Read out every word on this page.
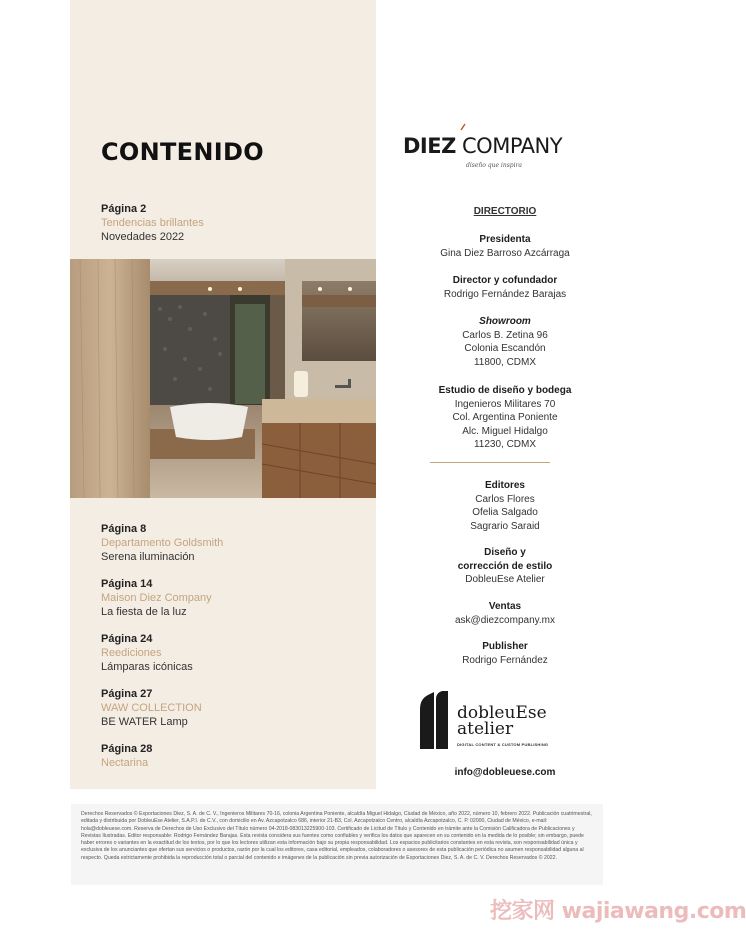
CONTENIDO
Página 2
Tendencias brillantes
Novedades 2022
Página 8
Departamento Goldsmith
Serena iluminación
Página 14
Maison Diez Company
La fiesta de la luz
Página 24
Reediciones
Lámparas icónicas
Página 27
WAW COLLECTION
BE WATER Lamp
Página 28
Nectarina
DIEZ COMPANY
diseño que inspira
DIRECTORIO
Presidenta
Gina Diez Barroso Azcárraga
Director y cofundador
Rodrigo Fernández Barajas
Showroom
Carlos B. Zetina 96
Colonia Escandón
11800, CDMX
Estudio de diseño y bodega
Ingenieros Militares 70
Col. Argentina Poniente
Alc. Miguel Hidalgo
11230, CDMX
Editores
Carlos Flores
Ofelia Salgado
Sagrario Saraid
Diseño y
corrección de estilo
DobleuEse Atelier
Ventas
ask@diezcompany.mx
Publisher
Rodrigo Fernández
dobleuEse
atelier
DIGITAL CONTENT & CUSTOM PUBLISHING
info@dobleuese.com
Derechos Reservados © Exportaciones Diez, S. A. de C. V., Ingenieros Militares 70-16, colonia Argentina Poniente, alcaldía Miguel Hidalgo, Ciudad de México, año 2022, número 10, febrero 2022. Publicación cuatrimestral, editada y distribuida por DobleuEse Atelier, S.A.P.I. de C.V., con domicilio en Av. Azcapotzalco 686, interior 21-B3, Col. Azcapotzalco Centro, alcaldía Azcapotzalco, C. P. 02000, Ciudad de México, e-mail: hola@dobleuese.com. Reserva de Derechos de Uso Exclusivo del Título número 04-2018-083013225900-103. Certificado de Licitud de Título y Contenido en trámite ante la Comisión Calificadora de Publicaciones y Revistas Ilustradas. Editor responsable: Rodrigo Fernández Barajas. Esta revista considera sus fuentes como confiables y verifica los datos que aparecen en su contenido en la medida de lo posible; sin embargo, puede haber errores o variantes en la exactitud de los textos, por lo que los lectores utilizan esta información bajo su propia responsabilidad. Los espacios publicitarios constantes en esta revista, son responsabilidad única y exclusiva de los anunciantes que ofertan sus servicios o productos, razón por la cual los editores, casa editorial, empleados, colaboradores o asesores de esta publicación periódica no asumen responsabilidad alguna al respecto. Queda estrictamente prohibida la reproducción total o parcial del contenido e imágenes de la publicación sin previa autorización de Exportaciones Diez, S. A. de C. V. Derechos Reservados © 2022.
挖家网 wajiawang.com
